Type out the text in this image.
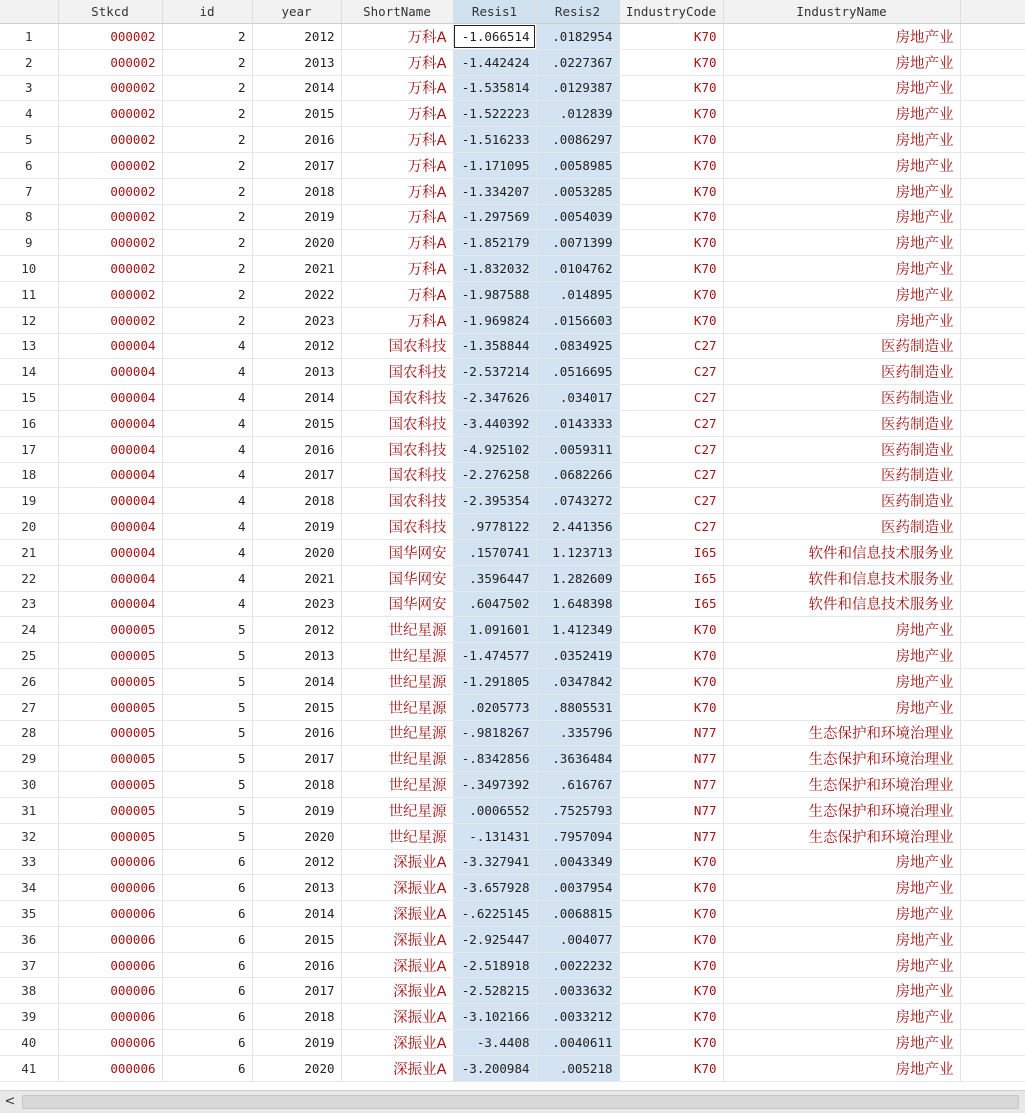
	Stkcd	id	year	ShortName	Resis1	Resis2	IndustryCode	IndustryName	
1	000002	2	2012	万科A	-1.066514	.0182954	K70	房地产业	
2	000002	2	2013	万科A	-1.442424	.0227367	K70	房地产业	
3	000002	2	2014	万科A	-1.535814	.0129387	K70	房地产业	
4	000002	2	2015	万科A	-1.522223	.012839	K70	房地产业	
5	000002	2	2016	万科A	-1.516233	.0086297	K70	房地产业	
6	000002	2	2017	万科A	-1.171095	.0058985	K70	房地产业	
7	000002	2	2018	万科A	-1.334207	.0053285	K70	房地产业	
8	000002	2	2019	万科A	-1.297569	.0054039	K70	房地产业	
9	000002	2	2020	万科A	-1.852179	.0071399	K70	房地产业	
10	000002	2	2021	万科A	-1.832032	.0104762	K70	房地产业	
11	000002	2	2022	万科A	-1.987588	.014895	K70	房地产业	
12	000002	2	2023	万科A	-1.969824	.0156603	K70	房地产业	
13	000004	4	2012	国农科技	-1.358844	.0834925	C27	医药制造业	
14	000004	4	2013	国农科技	-2.537214	.0516695	C27	医药制造业	
15	000004	4	2014	国农科技	-2.347626	.034017	C27	医药制造业	
16	000004	4	2015	国农科技	-3.440392	.0143333	C27	医药制造业	
17	000004	4	2016	国农科技	-4.925102	.0059311	C27	医药制造业	
18	000004	4	2017	国农科技	-2.276258	.0682266	C27	医药制造业	
19	000004	4	2018	国农科技	-2.395354	.0743272	C27	医药制造业	
20	000004	4	2019	国农科技	.9778122	2.441356	C27	医药制造业	
21	000004	4	2020	国华网安	.1570741	1.123713	I65	软件和信息技术服务业	
22	000004	4	2021	国华网安	.3596447	1.282609	I65	软件和信息技术服务业	
23	000004	4	2023	国华网安	.6047502	1.648398	I65	软件和信息技术服务业	
24	000005	5	2012	世纪星源	1.091601	1.412349	K70	房地产业	
25	000005	5	2013	世纪星源	-1.474577	.0352419	K70	房地产业	
26	000005	5	2014	世纪星源	-1.291805	.0347842	K70	房地产业	
27	000005	5	2015	世纪星源	.0205773	.8805531	K70	房地产业	
28	000005	5	2016	世纪星源	-.9818267	.335796	N77	生态保护和环境治理业	
29	000005	5	2017	世纪星源	-.8342856	.3636484	N77	生态保护和环境治理业	
30	000005	5	2018	世纪星源	-.3497392	.616767	N77	生态保护和环境治理业	
31	000005	5	2019	世纪星源	.0006552	.7525793	N77	生态保护和环境治理业	
32	000005	5	2020	世纪星源	-.131431	.7957094	N77	生态保护和环境治理业	
33	000006	6	2012	深振业A	-3.327941	.0043349	K70	房地产业	
34	000006	6	2013	深振业A	-3.657928	.0037954	K70	房地产业	
35	000006	6	2014	深振业A	-.6225145	.0068815	K70	房地产业	
36	000006	6	2015	深振业A	-2.925447	.004077	K70	房地产业	
37	000006	6	2016	深振业A	-2.518918	.0022232	K70	房地产业	
38	000006	6	2017	深振业A	-2.528215	.0033632	K70	房地产业	
39	000006	6	2018	深振业A	-3.102166	.0033212	K70	房地产业	
40	000006	6	2019	深振业A	-3.4408	.0040611	K70	房地产业	
41	000006	6	2020	深振业A	-3.200984	.005218	K70	房地产业	
<
